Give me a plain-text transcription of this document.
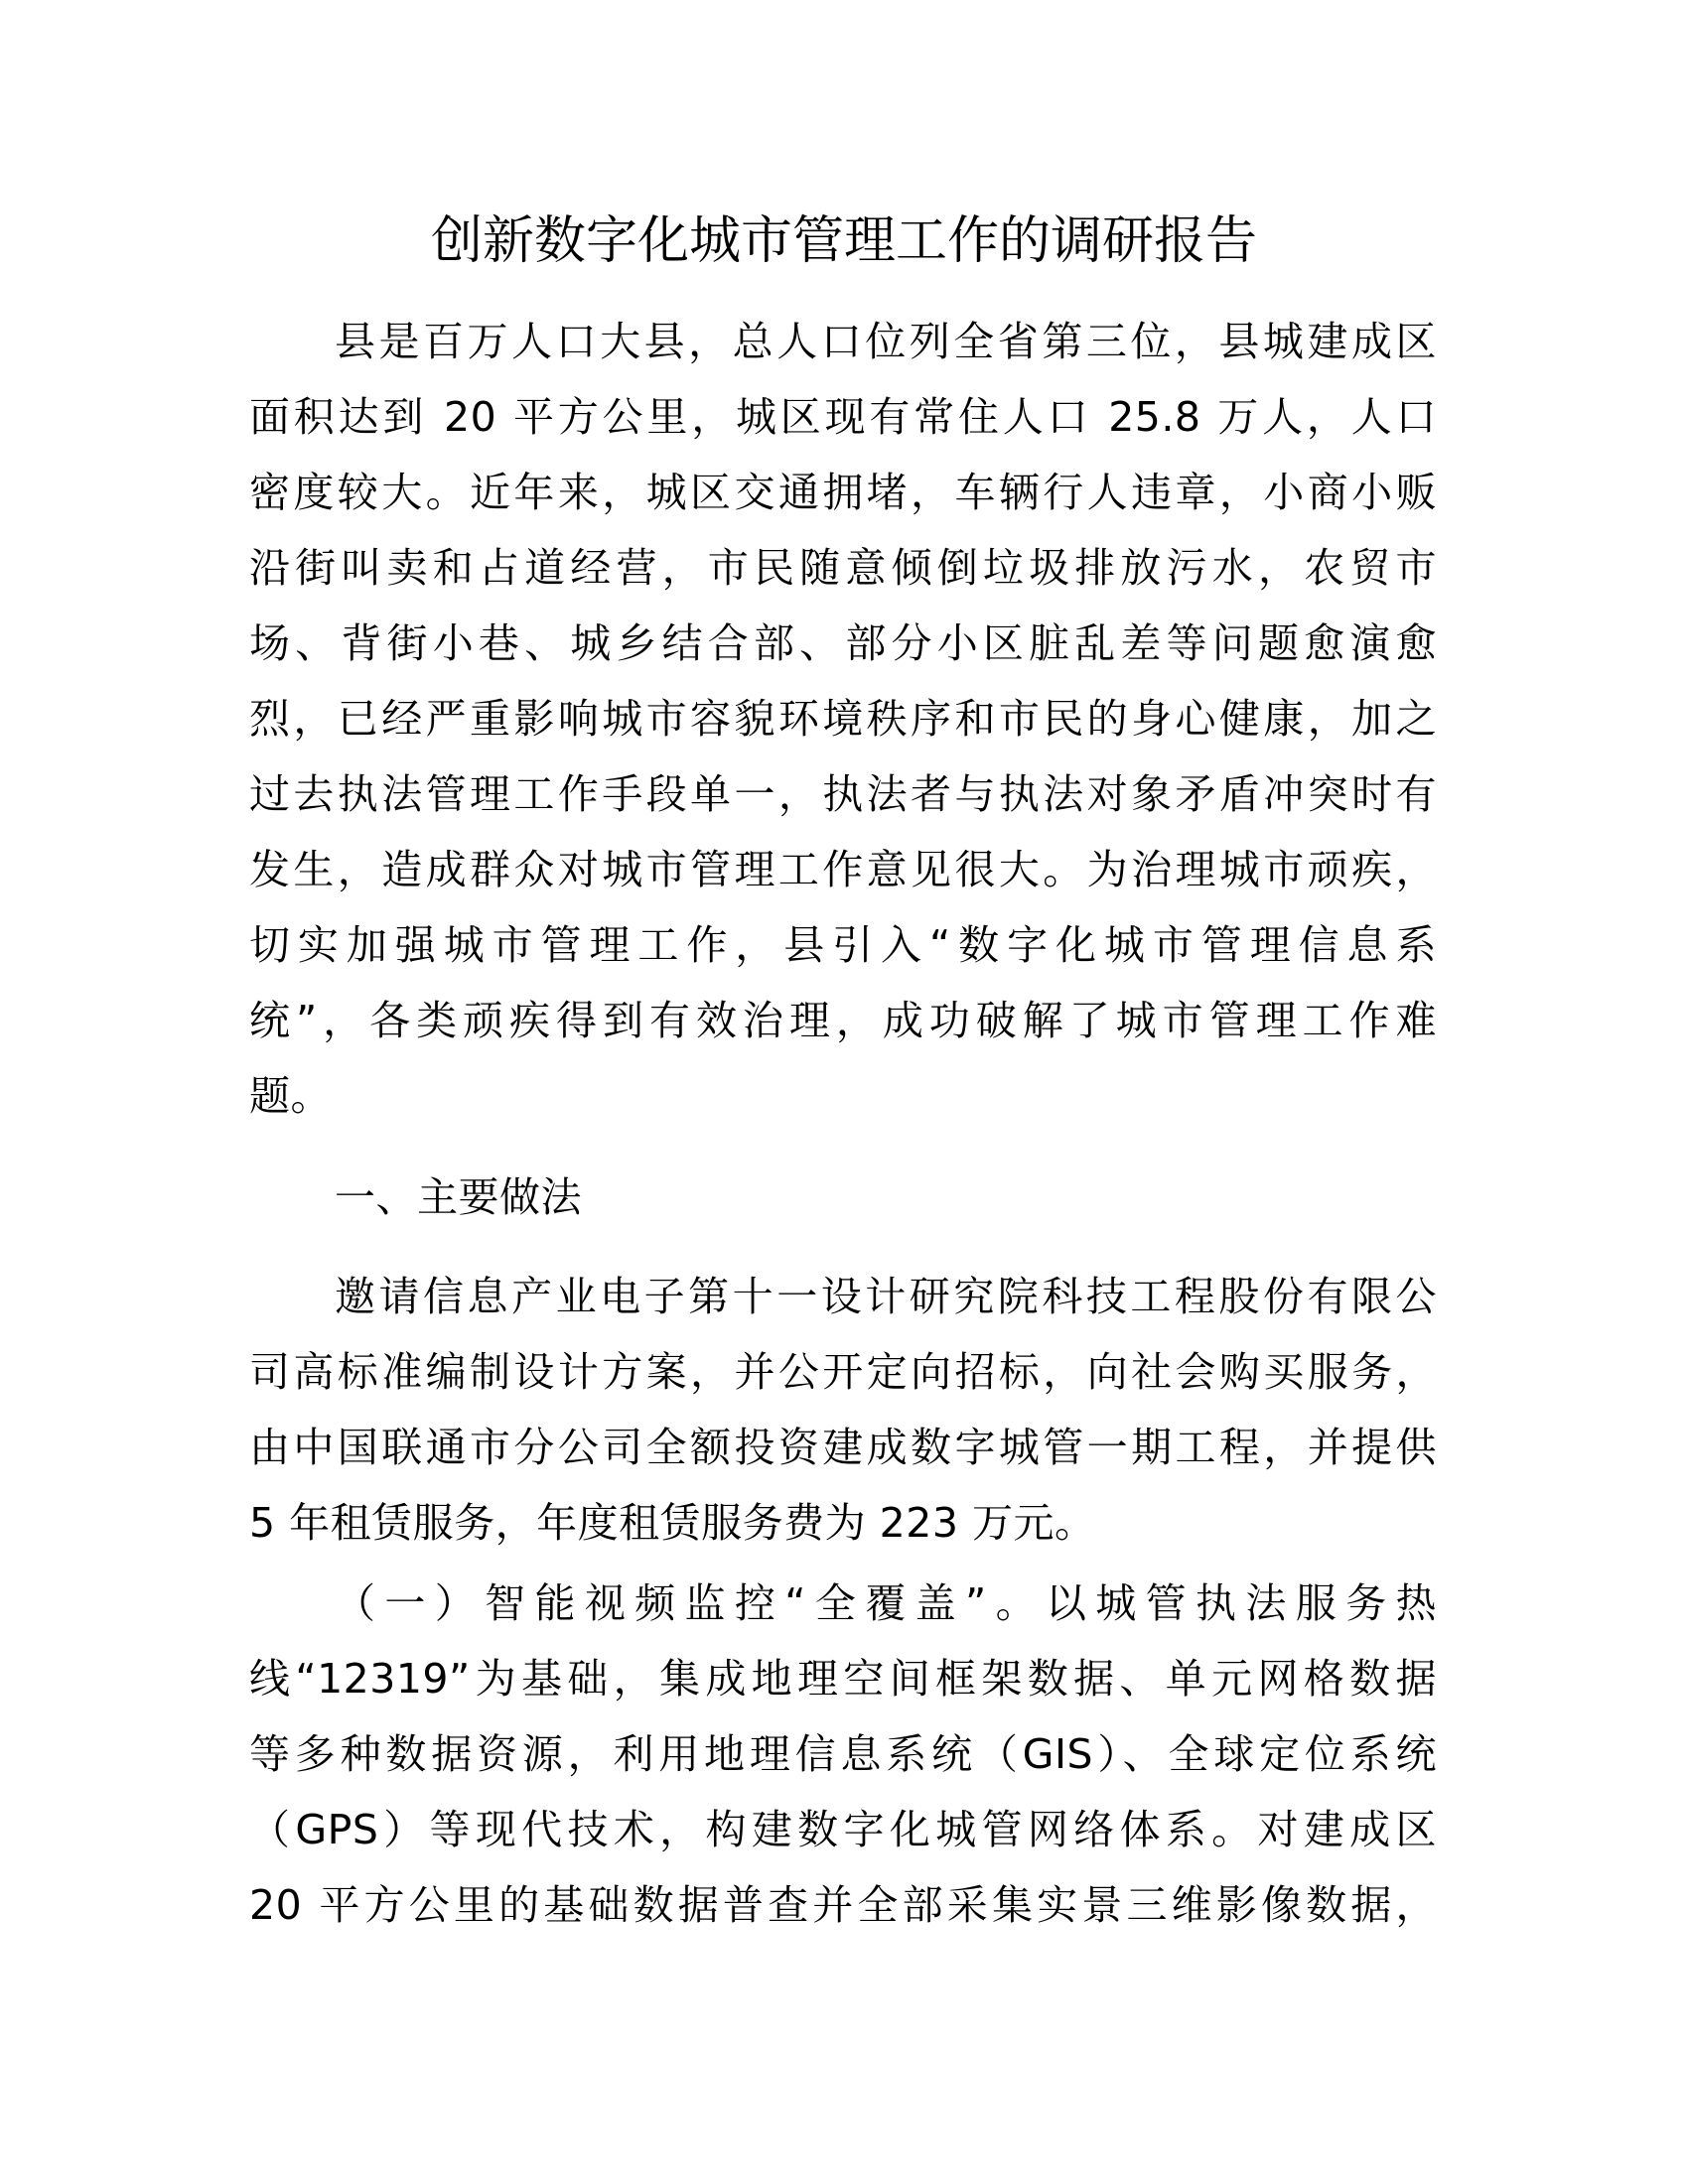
创新数字化城市管理工作的调研报告
县是百万人口大县，总人口位列全省第三位，县城建成区
面积达到 20 平方公里，城区现有常住人口 25.8 万人，人口
密度较大。近年来，城区交通拥堵，车辆行人违章，小商小贩
沿街叫卖和占道经营，市民随意倾倒垃圾排放污水，农贸市
场、背街小巷、城乡结合部、部分小区脏乱差等问题愈演愈
烈，已经严重影响城市容貌环境秩序和市民的身心健康，加之
过去执法管理工作手段单一，执法者与执法对象矛盾冲突时有
发生，造成群众对城市管理工作意见很大。为治理城市顽疾，
切实加强城市管理工作，县引入“数字化城市管理信息系
统”，各类顽疾得到有效治理，成功破解了城市管理工作难
题。
一、主要做法
邀请信息产业电子第十一设计研究院科技工程股份有限公
司高标准编制设计方案，并公开定向招标，向社会购买服务，
由中国联通市分公司全额投资建成数字城管一期工程，并提供
5 年租赁服务，年度租赁服务费为 223 万元。
（一）智能视频监控“全覆盖”。以城管执法服务热
线“12319”为基础，集成地理空间框架数据、单元网格数据
等多种数据资源，利用地理信息系统（GIS）、全球定位系统
（GPS）等现代技术，构建数字化城管网络体系。对建成区
20 平方公里的基础数据普查并全部采集实景三维影像数据，
